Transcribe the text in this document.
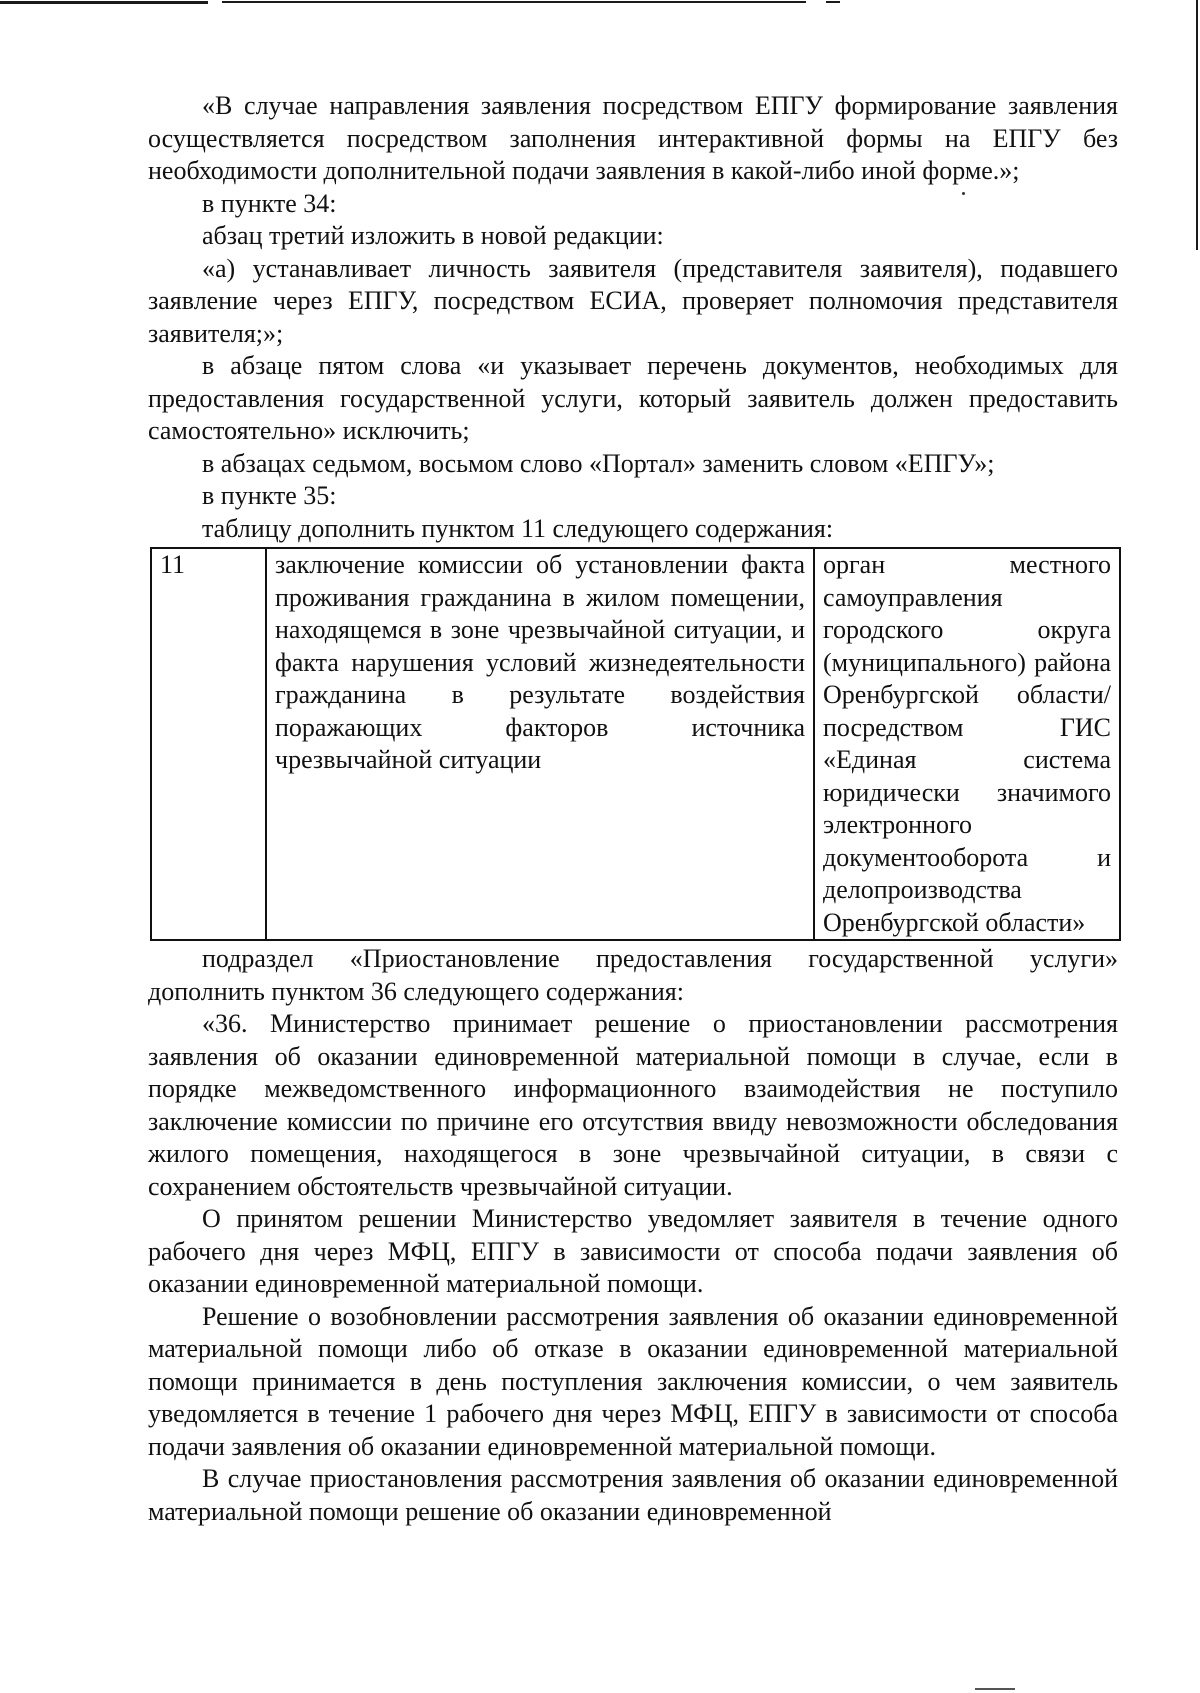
«В случае направления заявления посредством ЕПГУ формирование заявления осуществляется посредством заполнения интерактивной формы на ЕПГУ без необходимости дополнительной подачи заявления в какой-либо иной форме.»;

в пункте 34:

абзац третий изложить в новой редакции:

«а) устанавливает личность заявителя (представителя заявителя), подавшего заявление через ЕПГУ, посредством ЕСИА, проверяет полномочия представителя заявителя;»;

в абзаце пятом слова «и указывает перечень документов, необходимых для предоставления государственной услуги, который заявитель должен предоставить самостоятельно» исключить;

в абзацах седьмом, восьмом слово «Портал» заменить словом «ЕПГУ»;

в пункте 35:

таблицу дополнить пунктом 11 следующего содержания:

11	заключение комиссии об установлении факта проживания гражданина в жилом помещении, находящемся в зоне чрезвычайной ситуации, и факта нарушения условий жизнедеятельности гражданина в результате воздействия поражающих факторов источника чрезвычайной ситуации	орган местного самоуправления городского округа (муниципального) района Оренбургской области/ посредством ГИС «Единая система юридически значимого электронного документооборота и делопроизводства Оренбургской области»

подраздел «Приостановление предоставления государственной услуги» дополнить пунктом 36 следующего содержания:

«36. Министерство принимает решение о приостановлении рассмотрения заявления об оказании единовременной материальной помощи в случае, если в порядке межведомственного информационного взаимодействия не поступило заключение комиссии по причине его отсутствия ввиду невозможности обследования жилого помещения, находящегося в зоне чрезвычайной ситуации, в связи с сохранением обстоятельств чрезвычайной ситуации.

О принятом решении Министерство уведомляет заявителя в течение одного рабочего дня через МФЦ, ЕПГУ в зависимости от способа подачи заявления об оказании единовременной материальной помощи.

Решение о возобновлении рассмотрения заявления об оказании единовременной материальной помощи либо об отказе в оказании единовременной материальной помощи принимается в день поступления заключения комиссии, о чем заявитель уведомляется в течение 1 рабочего дня через МФЦ, ЕПГУ в зависимости от способа подачи заявления об оказании единовременной материальной помощи.

В случае приостановления рассмотрения заявления об оказании единовременной материальной помощи решение об оказании единовременной
